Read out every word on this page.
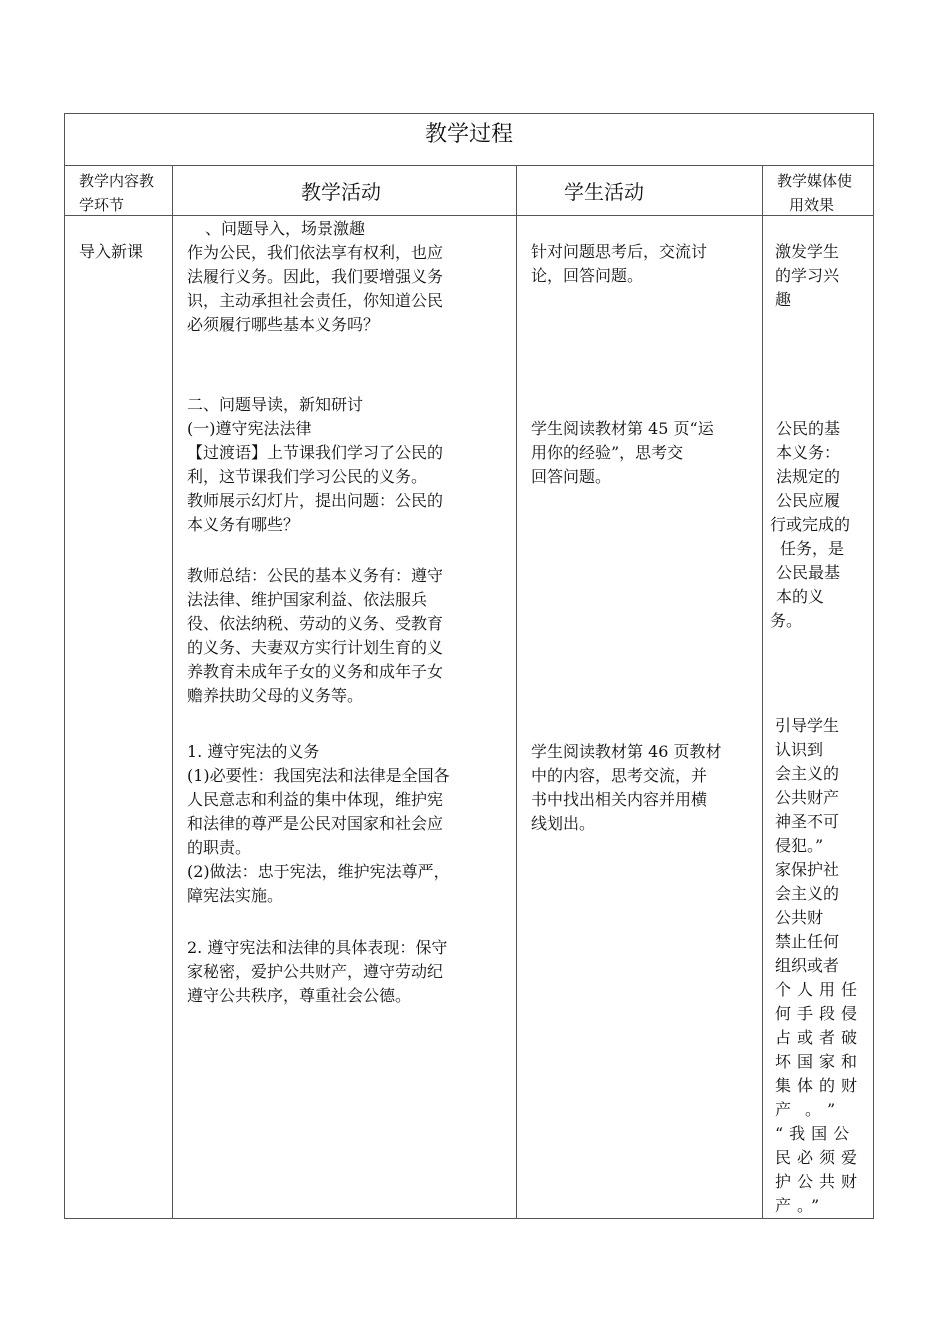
教学过程
教学内容教
学环节
教学活动	学生活动	教学媒体使
用效果
导入新课
、问题导入，场景激趣
作为公民，我们依法享有权利，也应
法履行义务。因此，我们要增强义务
识，主动承担社会责任，你知道公民
必须履行哪些基本义务吗？
二、问题导读，新知研讨
(一)遵守宪法法律
【过渡语】上节课我们学习了公民的
利，这节课我们学习公民的义务。
教师展示幻灯片，提出问题：公民的
本义务有哪些？
教师总结：公民的基本义务有：遵守
法法律、维护国家利益、依法服兵
役、依法纳税、劳动的义务、受教育
的义务、夫妻双方实行计划生育的义
养教育未成年子女的义务和成年子女
赡养扶助父母的义务等。
1. 遵守宪法的义务
(1)必要性：我国宪法和法律是全国各
人民意志和利益的集中体现，维护宪
和法律的尊严是公民对国家和社会应
的职责。
(2)做法：忠于宪法，维护宪法尊严，
障宪法实施。
2. 遵守宪法和法律的具体表现：保守
家秘密，爱护公共财产，遵守劳动纪
遵守公共秩序，尊重社会公德。
针对问题思考后，交流讨
论，回答问题。
学生阅读教材第 45 页“运
用你的经验”，思考交
回答问题。
学生阅读教材第 46 页教材
中的内容，思考交流，并
书中找出相关内容并用横
线划出。
激发学生
的学习兴
趣
公民的基
本义务：
法规定的
公民应履
行或完成的
任务，是
公民最基
本的义
务。
引导学生
认识到
会主义的
公共财产
神圣不可
侵犯。”
家保护社
会主义的
公共财
禁止任何
组织或者
个人用任
何手段侵
占或者破
坏国家和
集体的财
产。”
“我国公
民必须爱
护公共财
产。”
